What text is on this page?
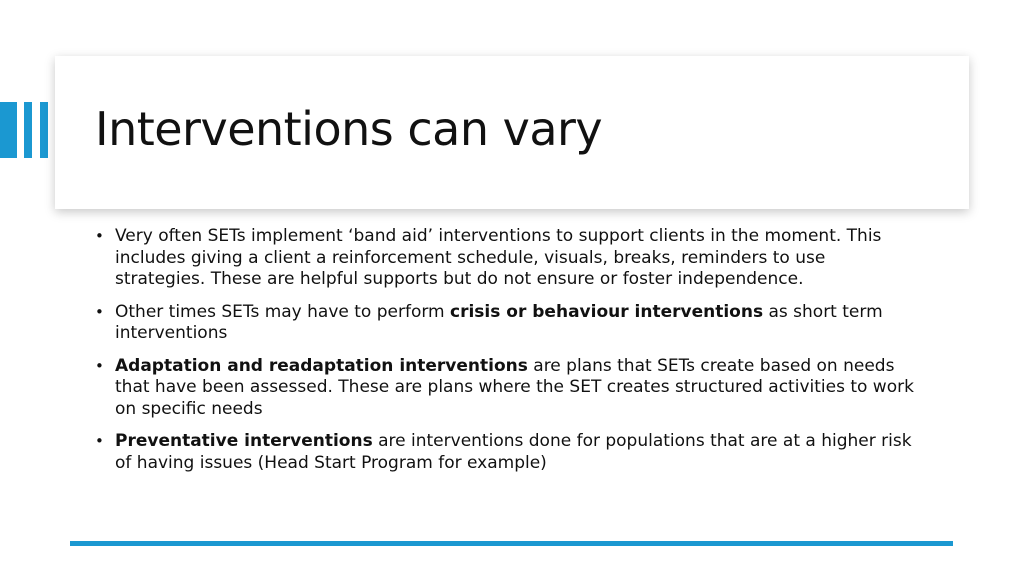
Interventions can vary
• Very often SETs implement ‘band aid’ interventions to support clients in the moment. This includes giving a client a reinforcement schedule, visuals, breaks, reminders to use strategies. These are helpful supports but do not ensure or foster independence.
• Other times SETs may have to perform crisis or behaviour interventions as short term interventions
• Adaptation and readaptation interventions are plans that SETs create based on needs that have been assessed. These are plans where the SET creates structured activities to work on specific needs
• Preventative interventions are interventions done for populations that are at a higher risk of having issues (Head Start Program for example)
